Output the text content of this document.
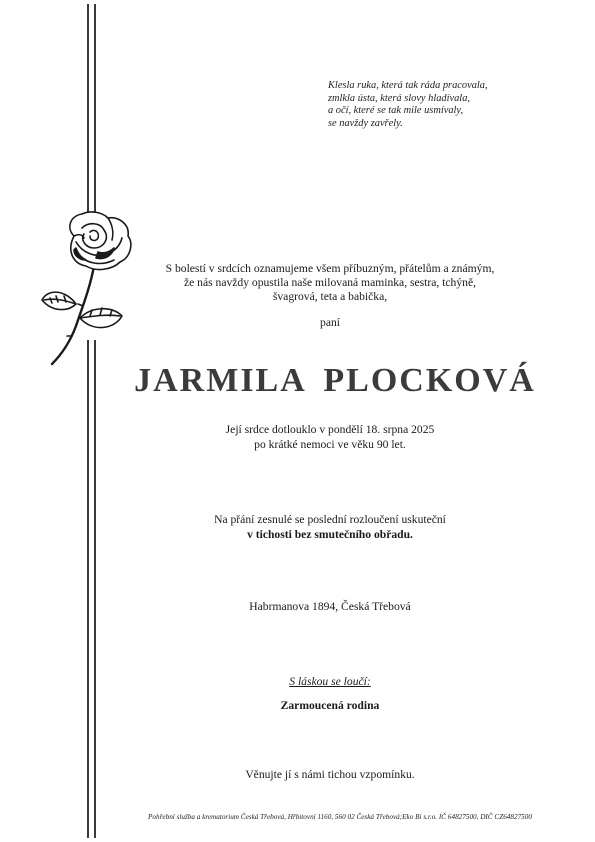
Klesla ruka, která tak ráda pracovala,
zmlkla ústa, která slovy hladívala,
a očí, které se tak mile usmívaly,
se navždy zavřely.
S bolestí v srdcích oznamujeme všem příbuzným, přátelům a známým,
že nás navždy opustila naše milovaná maminka, sestra, tchýně,
švagrová, teta a babička,
paní
JARMILA PLOCKOVÁ
Její srdce dotlouklo v pondělí 18. srpna 2025
po krátké nemoci ve věku 90 let.
Na přání zesnulé se poslední rozloučení uskuteční
v tichosti bez smutečního obřadu.
Habrmanova 1894, Česká Třebová
S láskou se loučí:
Zarmoucená rodina
Věnujte jí s námi tichou vzpomínku.
Pohřební služba a krematorium Česká Třebová, Hřbitovní 1160, 560 02 Česká Třebová;Eko Bi s.r.o. IČ 64827500, DIČ CZ64827500
